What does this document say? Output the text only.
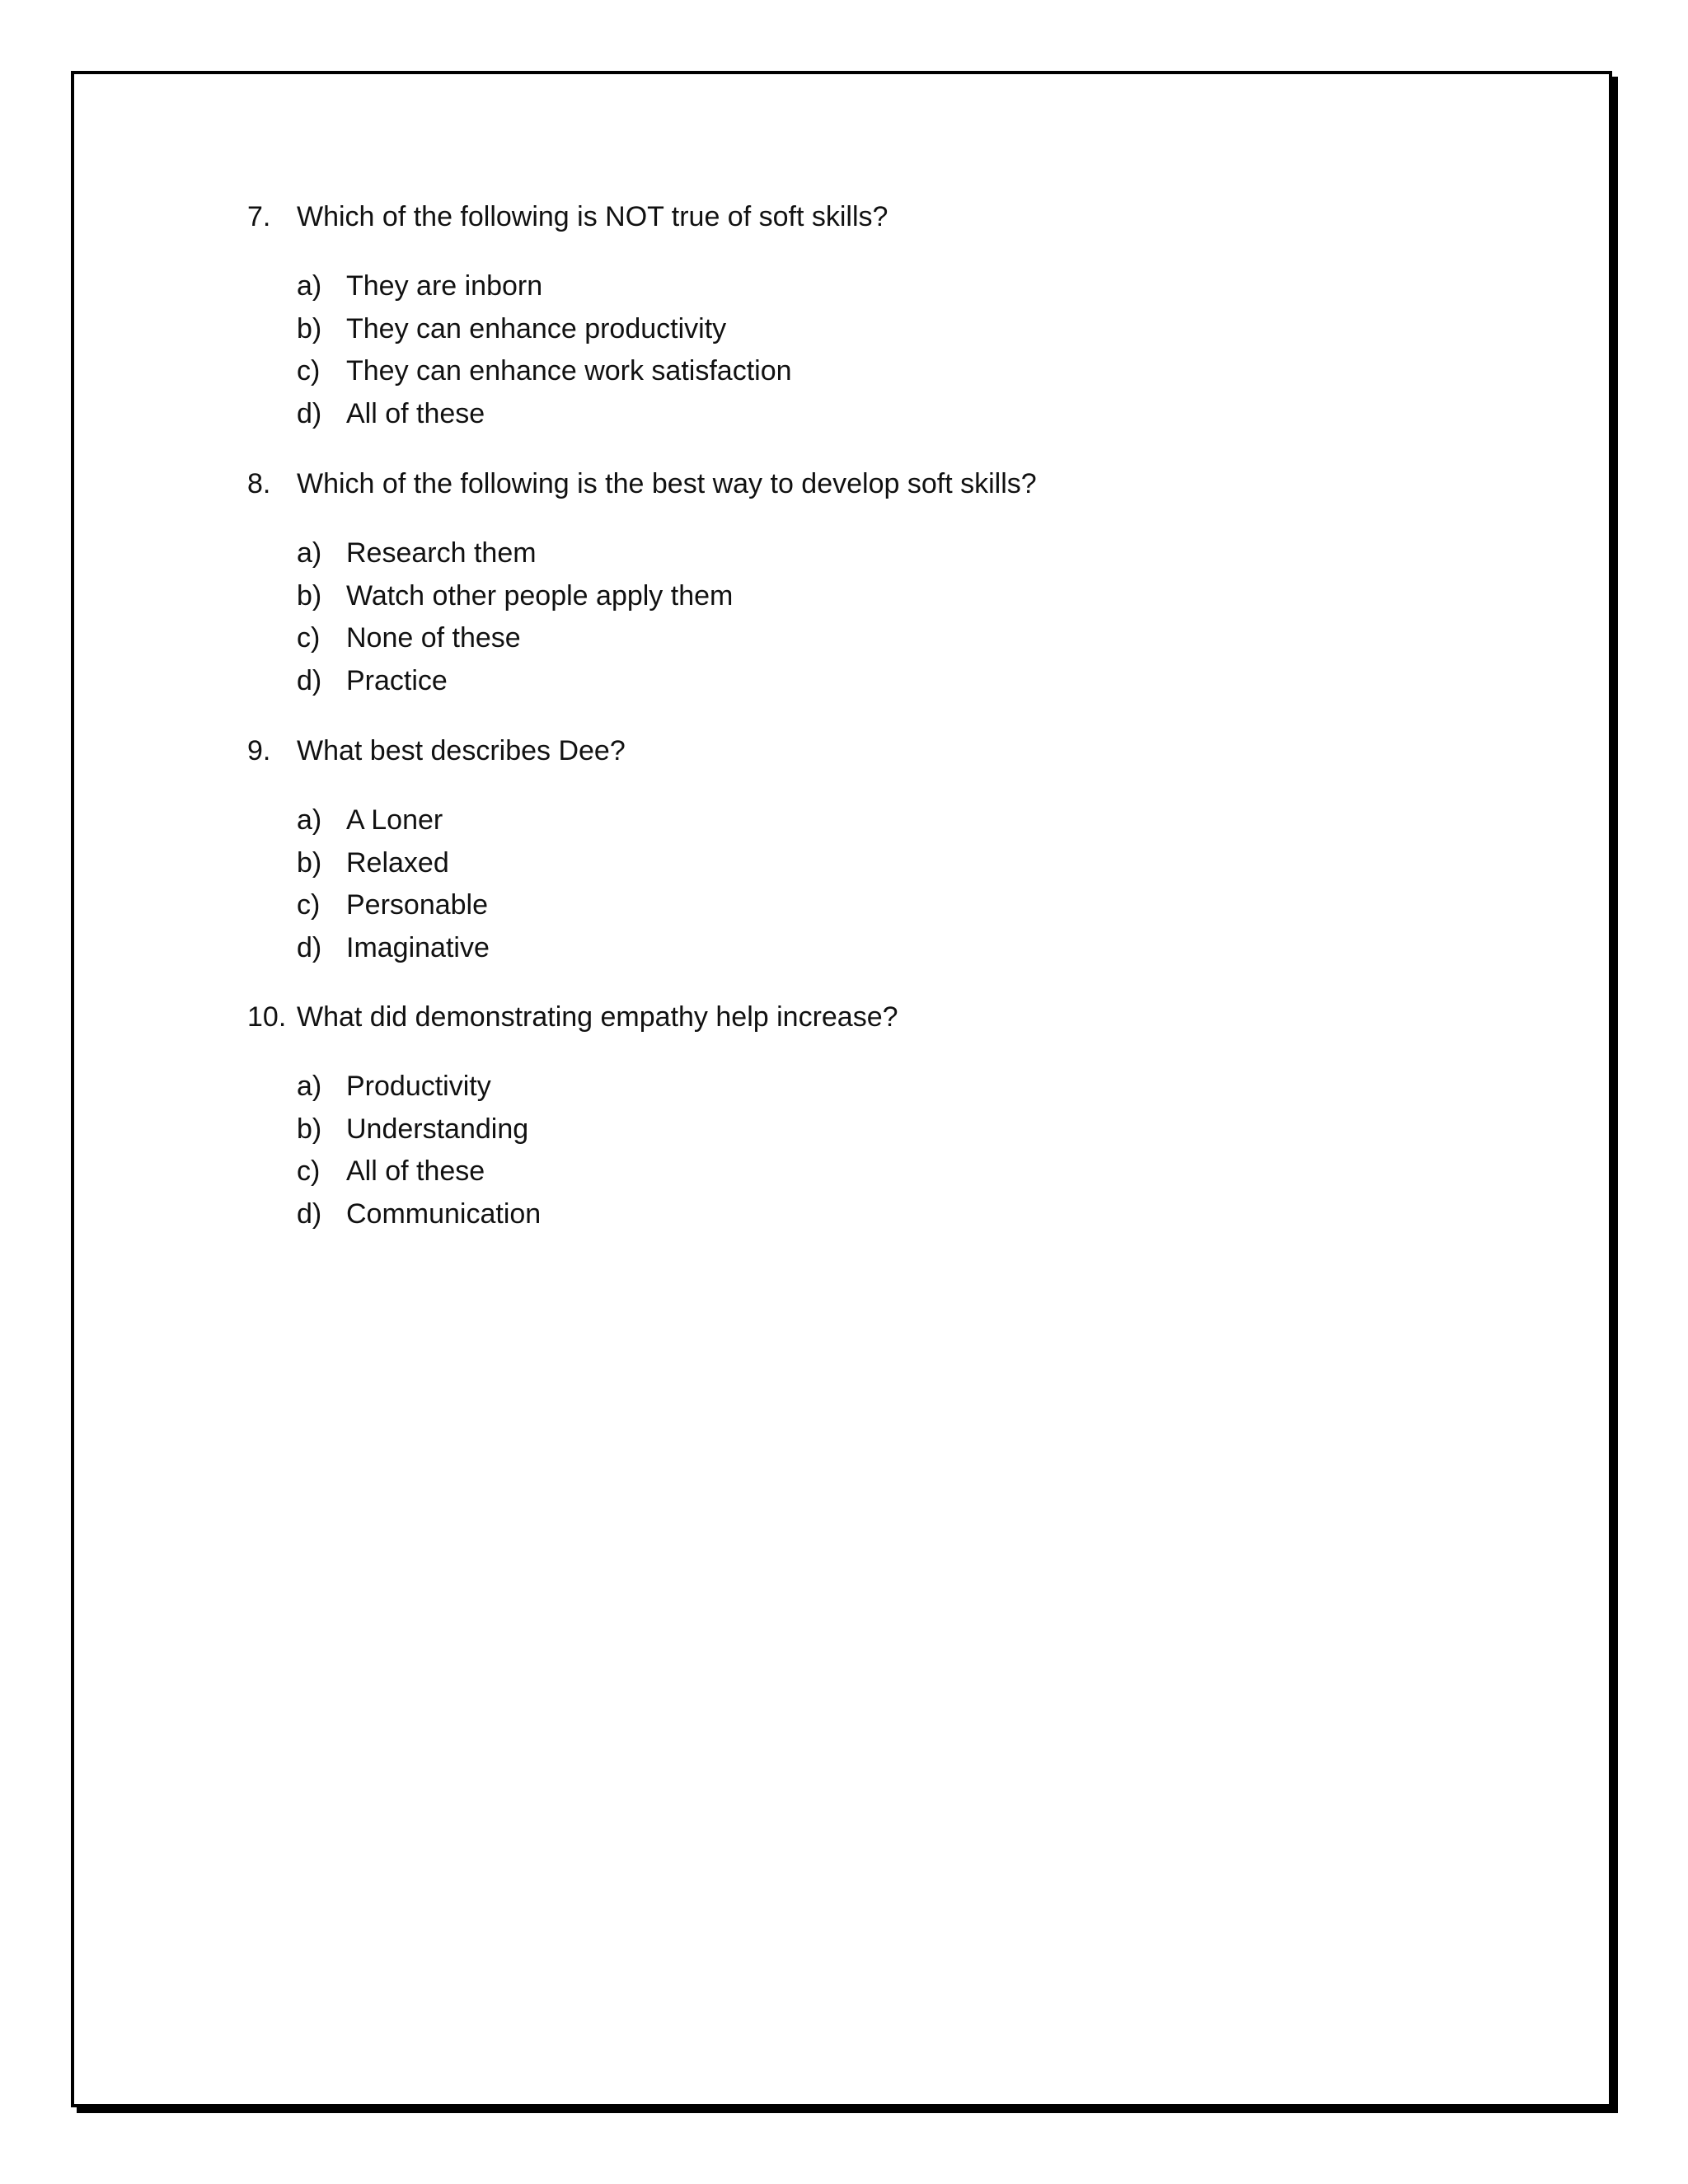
7. Which of the following is NOT true of soft skills?
a) They are inborn
b) They can enhance productivity
c) They can enhance work satisfaction
d) All of these
8. Which of the following is the best way to develop soft skills?
a) Research them
b) Watch other people apply them
c) None of these
d) Practice
9. What best describes Dee?
a) A Loner
b) Relaxed
c) Personable
d) Imaginative
10. What did demonstrating empathy help increase?
a) Productivity
b) Understanding
c) All of these
d) Communication
